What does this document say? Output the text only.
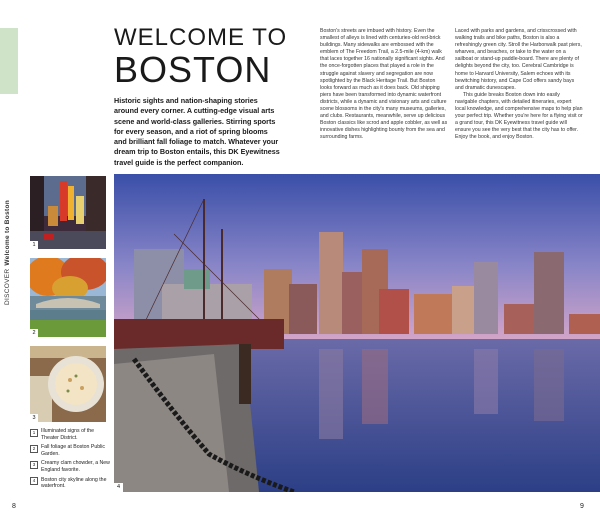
DISCOVERWelcome to Boston
WELCOME TO
BOSTON
Historic sights and nation-shaping stories around every corner. A cutting-edge visual arts scene and world-class galleries. Stirring sports for every season, and a riot of spring blooms and brilliant fall foliage to match. Whatever your dream trip to Boston entails, this DK Eyewitness travel guide is the perfect companion.

Boston's streets are imbued with history. Even the smallest of alleys is lined with centuries-old red-brick buildings. Many sidewalks are embossed with the emblem of The Freedom Trail, a 2.5-mile (4-km) walk that laces together 16 nationally significant sights. And the once-forgotten places that played a role in the struggle against slavery and segregation are now spotlighted by the Black Heritage Trail. But Boston looks forward as much as it does back. Old shipping piers have been transformed into dynamic waterfront districts, while a dynamic and visionary arts and culture scene blossoms in the city's many museums, galleries, and clubs. Restaurants, meanwhile, serve up delicious Boston classics like scrod and apple cobbler, as well as innovative dishes highlighting bounty from the sea and surrounding farms.

Laced with parks and gardens, and crisscrossed with walking trails and bike paths, Boston is also a refreshingly green city. Stroll the Harborwalk past piers, wharves, and beaches, or take to the water on a sailboat or stand-up paddle-board. There are plenty of delights beyond the city, too. Cerebral Cambridge is home to Harvard University, Salem echoes with its bewitching history, and Cape Cod offers sandy bays and dramatic dunescapes.

This guide breaks Boston down into easily navigable chapters, with detailed itineraries, expert local knowledge, and comprehensive maps to help plan your perfect trip. Whether you're here for a flying visit or a grand tour, this DK Eyewitness travel guide will ensure you see the very best that the city has to offer. Enjoy the book, and enjoy Boston.

1
2
3
1	Illuminated signs of the Theater District.
2	Fall foliage at Boston Public Garden.
3	Creamy clam chowder, a New England favorite.
4	Boston city skyline along the waterfront.	4
8	9
